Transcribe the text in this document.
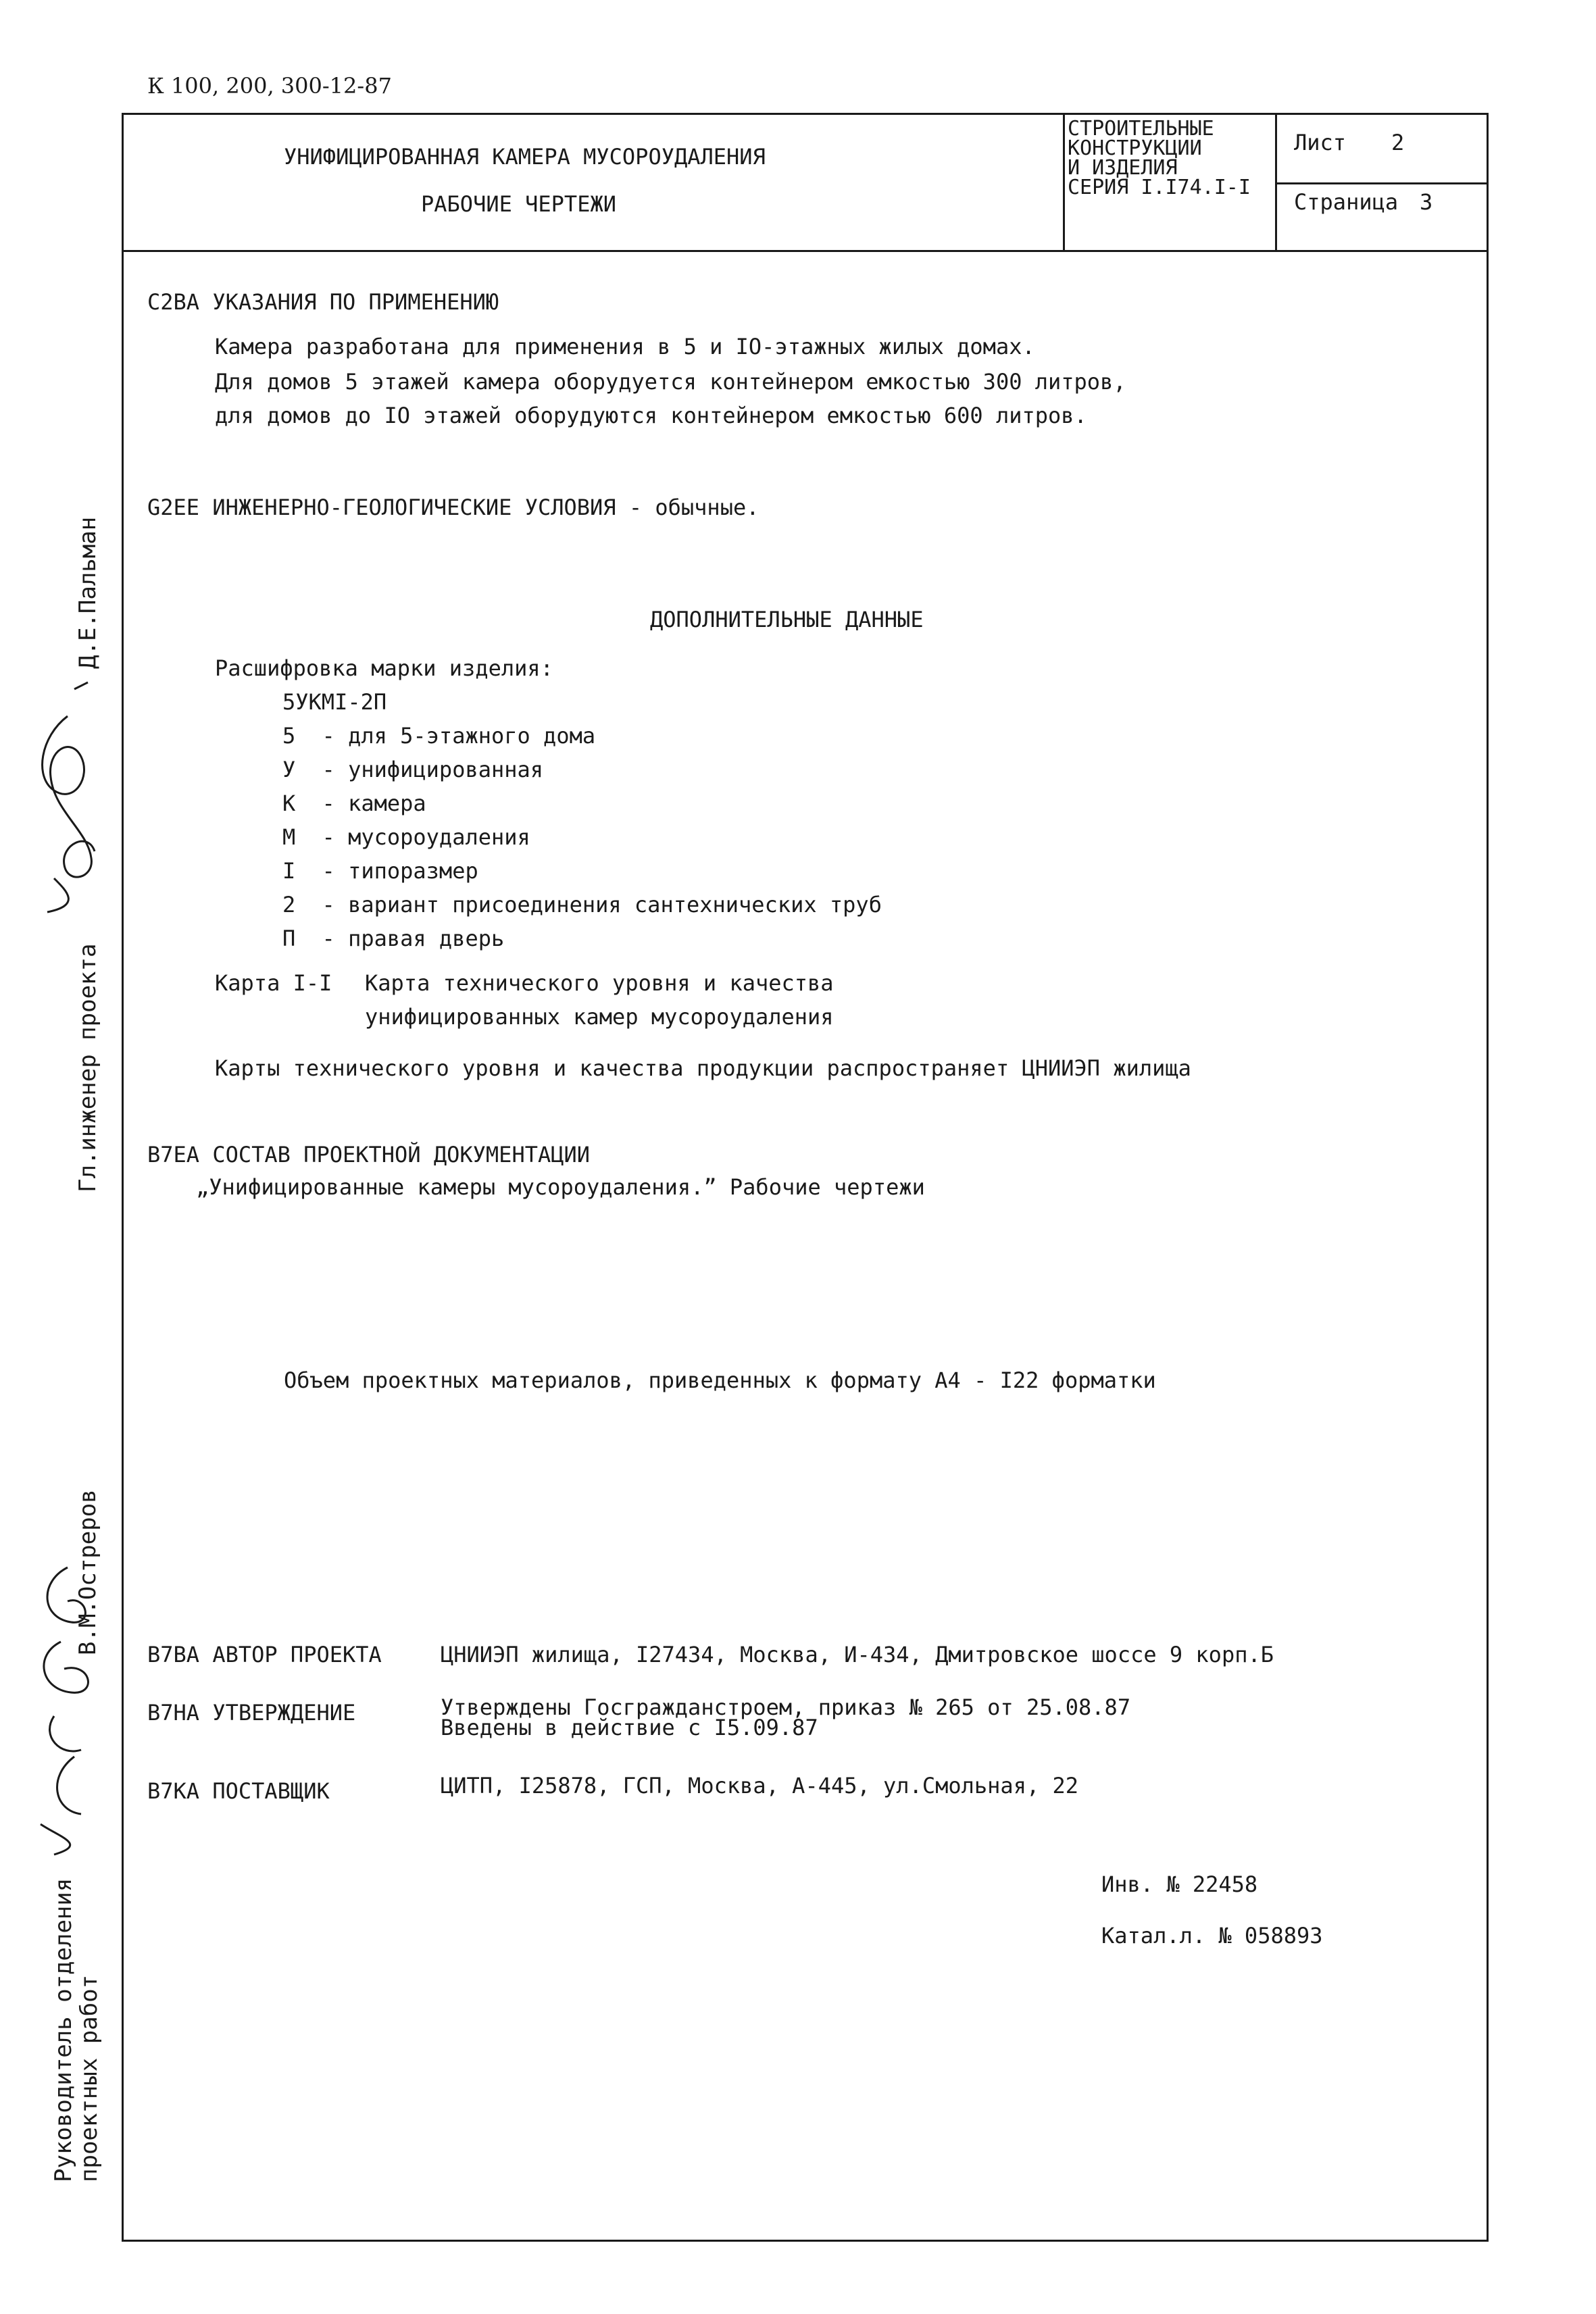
К 100, 200, 300-12-87
УНИФИЦИРОВАННАЯ КАМЕРА МУСОРОУДАЛЕНИЯ
РАБОЧИЕ ЧЕРТЕЖИ
СТРОИТЕЛЬНЫЕ
КОНСТРУКЦИИ
И ИЗДЕЛИЯ
СЕРИЯ I.I74.I-I
Лист 2
Страница 3
С2ВА УКАЗАНИЯ ПО ПРИМЕНЕНИЮ
Камера разработана для применения в 5 и IO-этажных жилых домах.
Для домов 5 этажей камера оборудуется контейнером емкостью 300 литров,
для домов до IO этажей оборудуются контейнером емкостью 600 литров.
G2EE ИНЖЕНЕРНО-ГЕОЛОГИЧЕСКИЕ УСЛОВИЯ - обычные.
ДОПОЛНИТЕЛЬНЫЕ ДАННЫЕ
Расшифровка марки изделия:
5УКМI-2П
5 - для 5-этажного дома
У - унифицированная
К - камера
М - мусороудаления
I - типоразмер
2 - вариант присоединения сантехнических труб
П - правая дверь
Карта I-I Карта технического уровня и качества
унифицированных камер мусороудаления
Карты технического уровня и качества продукции распространяет ЦНИИЭП жилища
В7ЕА СОСТАВ ПРОЕКТНОЙ ДОКУМЕНТАЦИИ
„Унифицированные камеры мусороудаления.” Рабочие чертежи
Объем проектных материалов, приведенных к формату А4 - I22 форматки
В7ВА АВТОР ПРОЕКТА	ЦНИИЭП жилища, I27434, Москва, И-434, Дмитровское шоссе 9 корп.Б
В7НА УТВЕРЖДЕНИЕ	Утверждены Госгражданстроем, приказ № 265 от 25.08.87
Введены в действие с I5.09.87
В7КА ПОСТАВЩИК	ЦИТП, I25878, ГСП, Москва, А-445, ул.Смольная, 22
Инв. № 22458
Катал.л. № 058893
Д.Е.Пальман
Гл.инженер проекта
В.М.Остреpов
Руководитель отделения
проектных работ
